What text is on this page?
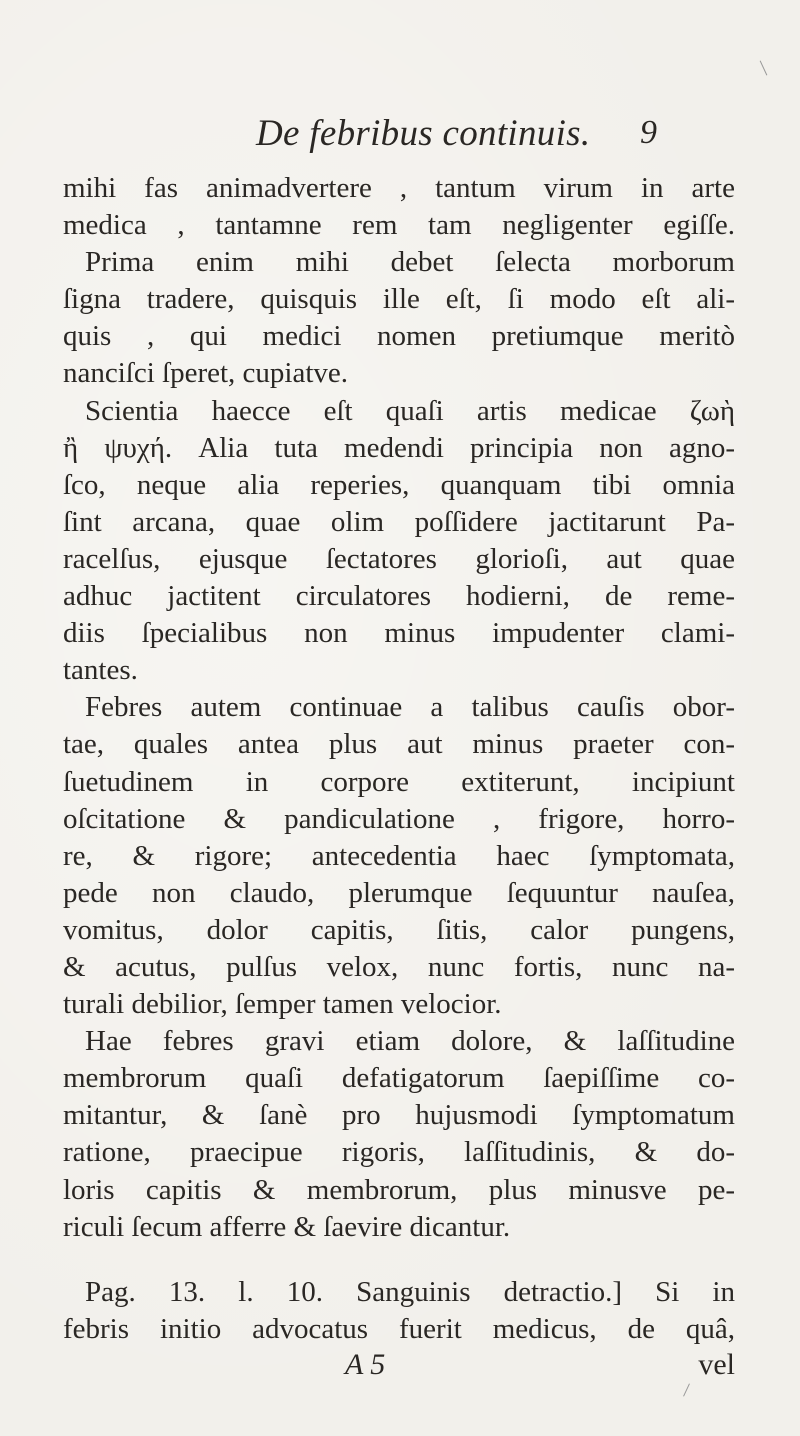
De febribus continuis. 9
mihi fas animadvertere , tantum virum in arte
medica , tantamne rem tam negligenter egiſſe.
Prima enim mihi debet ſelecta morborum
ſigna tradere, quisquis ille eſt, ſi modo eſt ali-
quis , qui medici nomen pretiumque meritò
nanciſci ſperet, cupiatve.
Scientia haecce eſt quaſi artis medicae ζωὴ
ἢ ψυχή. Alia tuta medendi principia non agno-
ſco, neque alia reperies, quanquam tibi omnia
ſint arcana, quae olim poſſidere jactitarunt Pa-
racelſus, ejusque ſectatores glorioſi, aut quae
adhuc jactitent circulatores hodierni, de reme-
diis ſpecialibus non minus impudenter clami-
tantes.
Febres autem continuae a talibus cauſis obor-
tae, quales antea plus aut minus praeter con-
ſuetudinem in corpore extiterunt, incipiunt
oſcitatione & pandiculatione , frigore, horro-
re, & rigore; antecedentia haec ſymptomata,
pede non claudo, plerumque ſequuntur nauſea,
vomitus, dolor capitis, ſitis, calor pungens,
& acutus, pulſus velox, nunc fortis, nunc na-
turali debilior, ſemper tamen velocior.
Hae febres gravi etiam dolore, & laſſitudine
membrorum quaſi defatigatorum ſaepiſſime co-
mitantur, & ſanè pro hujusmodi ſymptomatum
ratione, praecipue rigoris, laſſitudinis, & do-
loris capitis & membrorum, plus minusve pe-
riculi ſecum afferre & ſaevire dicantur.
Pag. 13. l. 10. Sanguinis detractio.] Si in
febris initio advocatus fuerit medicus, de quâ,
A 5	vel
